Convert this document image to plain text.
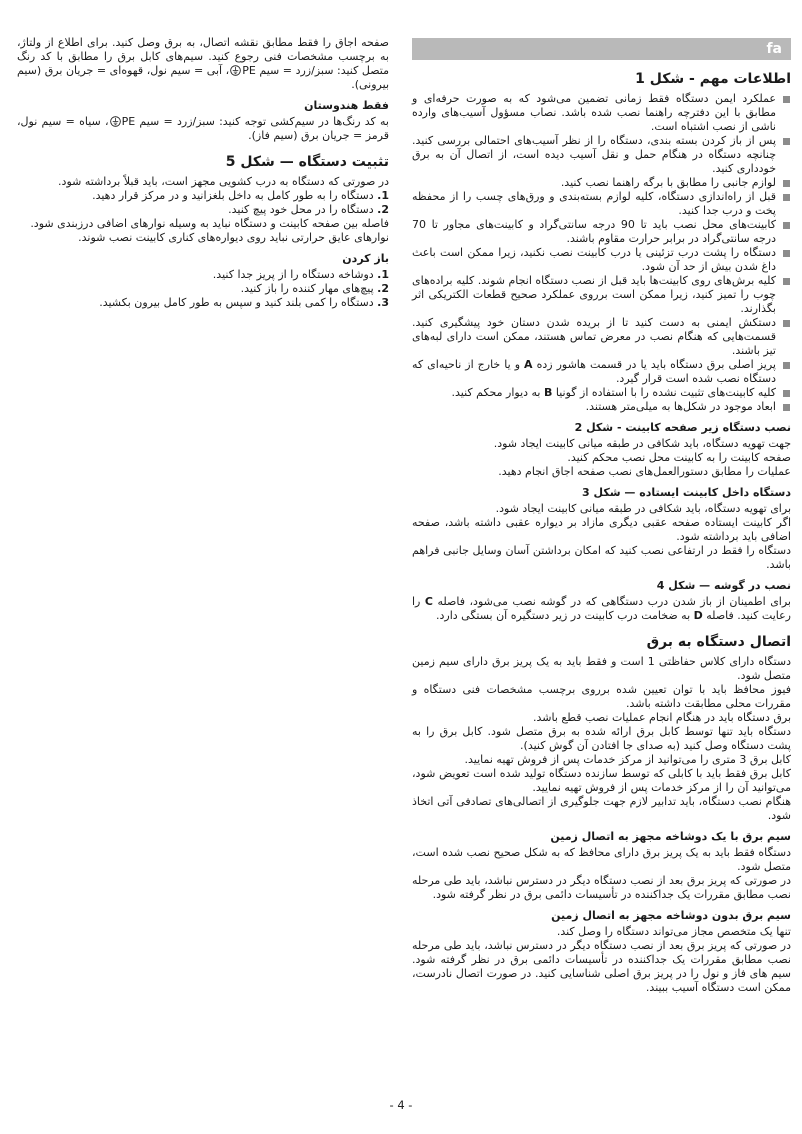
صفحه اجاق را فقط مطابق نقشه اتصال، به برق وصل کنید. برای اطلاع از ولتاژ، به برچسب مشخصات فنی رجوع کنید. سیم‌های کابل برق را مطابق با کد رنگ متصل کنید: سبز/زرد = سیم PE
، آبی = سیم نول، قهوه‌ای = جریان برق (سیم بیرونی).
فقط هندوستان
به کد رنگ‌ها در سیم‌کشی توجه کنید: سبز/زرد = سیم PE
، سیاه = سیم نول، قرمز = جریان برق (سیم فاز).
تثبیت دستگاه — شکل 5
در صورتی که دستگاه به درب کشویی مجهز است، باید قبلاً برداشته شود.
1. دستگاه را به طور کامل به داخل بلغزانید و در مرکز قرار دهید.
2. دستگاه را در محل خود پیچ کنید.
فاصله بین صفحه کابینت و دستگاه نباید به وسیله نوارهای اضافی درزبندی شود.
نوارهای عایق حرارتی نباید روی دیواره‌های کناری کابینت نصب شوند.
باز کردن
1. دوشاخه دستگاه را از پریز جدا کنید.
2. پیچ‌های مهار کننده را باز کنید.
3. دستگاه را کمی بلند کنید و سپس به طور کامل بیرون بکشید.
fa
اطلاعات مهم - شکل 1
عملکرد ایمن دستگاه فقط زمانی تضمین می‌شود که به صورت حرفه‌ای و مطابق با این دفترچه راهنما نصب شده باشد. نصاب مسؤول آسیب‌های وارده ناشی از نصب اشتباه است.
پس از باز کردن بسته بندی، دستگاه را از نظر آسیب‌های احتمالی بررسی کنید. چنانچه دستگاه در هنگام حمل و نقل آسیب دیده است، از اتصال آن به برق خودداری کنید.
لوازم جانبی را مطابق با برگه راهنما نصب کنید.
قبل از راه‌اندازی دستگاه، کلیه لوازم بسته‌بندی و ورق‌های چسب را از محفظه پخت و درب جدا کنید.
کابینت‌های محل نصب باید تا 90 درجه سانتی‌گراد و کابینت‌های مجاور تا 70 درجه سانتی‌گراد در برابر حرارت مقاوم باشند.
دستگاه را پشت درب تزئینی یا درب کابینت نصب نکنید، زیرا ممکن است باعث داغ شدن بیش از حد آن شود.
کلیه برش‌های روی کابینت‌ها باید قبل از نصب دستگاه انجام شوند. کلیه براده‌های چوب را تمیز کنید، زیرا ممکن است برروی عملکرد صحیح قطعات الکتریکی اثر بگذارند.
دستکش ایمنی به دست کنید تا از بریده شدن دستان خود پیشگیری کنید. قسمت‌هایی که هنگام نصب در معرض تماس هستند، ممکن است دارای لبه‌های تیز باشند.
پریز اصلی برق دستگاه باید یا در قسمت هاشور زده A و یا خارج از ناحیه‌ای که دستگاه نصب شده است قرار گیرد.
کلیه کابینت‌های تثبیت نشده را با استفاده از گونیا B به دیوار محکم کنید.
ابعاد موجود در شکل‌ها به میلی‌متر هستند.
نصب دستگاه زیر صفحه کابینت - شکل 2
جهت تهویه دستگاه، باید شکافی در طبقه میانی کابینت ایجاد شود.
صفحه کابینت را به کابینت محل نصب محکم کنید.
عملیات را مطابق دستورالعمل‌های نصب صفحه اجاق انجام دهید.
دستگاه داخل کابینت ایستاده — شکل 3
برای تهویه دستگاه، باید شکافی در طبقه میانی کابینت ایجاد شود.
اگر کابینت ایستاده صفحه عقبی دیگری مازاد بر دیواره عقبی داشته باشد، صفحه اضافی باید برداشته شود.
دستگاه را فقط در ارتفاعی نصب کنید که امکان برداشتن آسان وسایل جانبی فراهم باشد.
نصب در گوشه — شکل 4
برای اطمینان از باز شدن درب دستگاهی که در گوشه نصب می‌شود، فاصله C را رعایت کنید. فاصله D به ضخامت درب کابینت در زیر دستگیره آن بستگی دارد.
اتصال دستگاه به برق
دستگاه دارای کلاس حفاظتی 1 است و فقط باید به یک پریز برق دارای سیم زمین متصل شود.
فیوز محافظ باید با توان تعیین شده برروی برچسب مشخصات فنی دستگاه و مقررات محلی مطابقت داشته باشد.
برق دستگاه باید در هنگام انجام عملیات نصب قطع باشد.
دستگاه باید تنها توسط کابل برق ارائه شده به برق متصل شود. کابل برق را به پشت دستگاه وصل کنید (به صدای جا افتادن آن گوش کنید).
کابل برق 3 متری را می‌توانید از مرکز خدمات پس از فروش تهیه نمایید.
کابل برق فقط باید با کابلی که توسط سازنده دستگاه تولید شده است تعویض شود، می‌توانید آن را از مرکز خدمات پس از فروش تهیه نمایید.
هنگام نصب دستگاه، باید تدابیر لازم جهت جلوگیری از اتصالی‌های تصادفی آتی اتخاذ شود.
سیم برق با یک دوشاخه مجهز به اتصال زمین
دستگاه فقط باید به یک پریز برق دارای محافظ که به شکل صحیح نصب شده است، متصل شود.
در صورتی که پریز برق بعد از نصب دستگاه دیگر در دسترس نباشد، باید طی مرحله نصب مطابق مقررات یک جداکننده در تأسیسات دائمی برق در نظر گرفته شود.
سیم برق بدون دوشاخه مجهز به اتصال زمین
تنها یک متخصص مجاز می‌تواند دستگاه را وصل کند.
در صورتی که پریز برق بعد از نصب دستگاه دیگر در دسترس نباشد، باید طی مرحله نصب مطابق مقررات یک جداکننده در تأسیسات دائمی برق در نظر گرفته شود. سیم های فاز و نول را در پریز برق اصلی شناسایی کنید. در صورت اتصال نادرست، ممکن است دستگاه آسیب ببیند.
- 4 -
